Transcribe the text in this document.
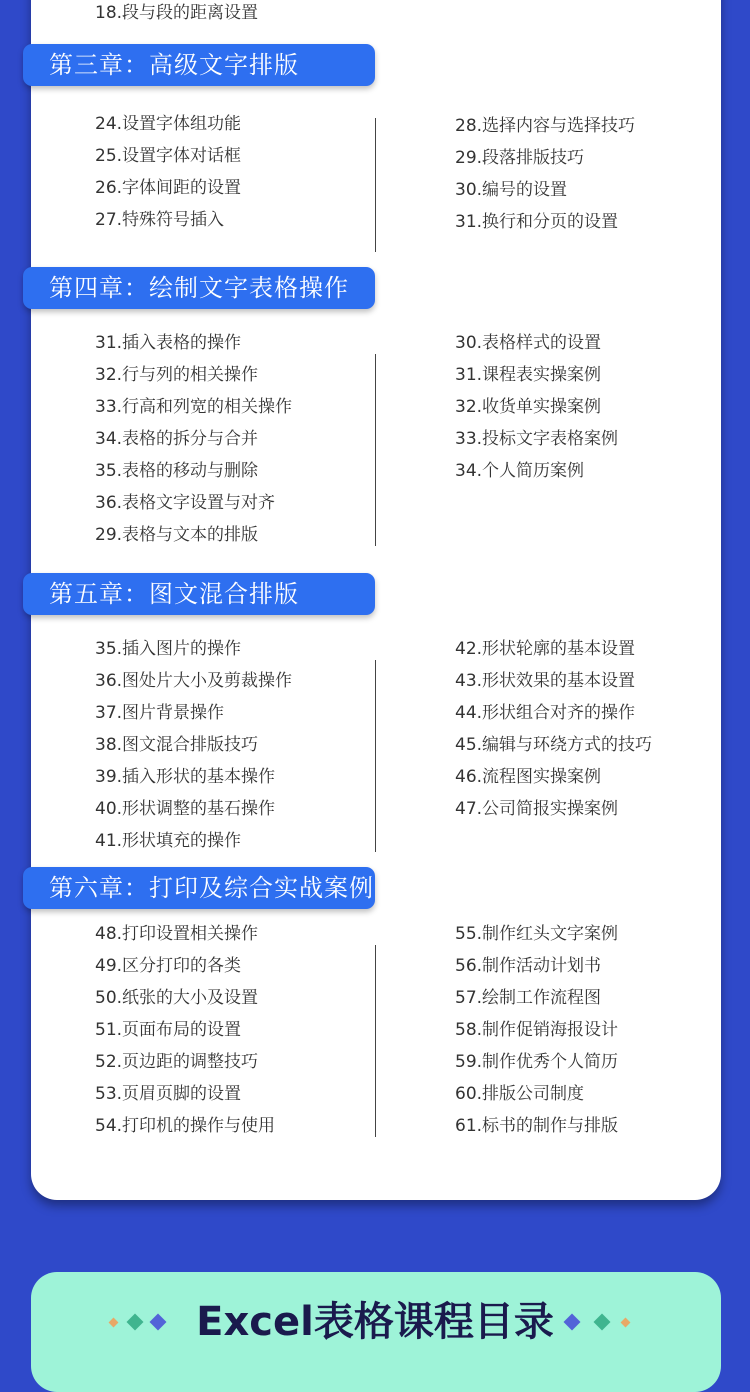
18.段与段的距离设置
第三章：高级文字排版
24.设置字体组功能
25.设置字体对话框
26.字体间距的设置
27.特殊符号插入
28.选择内容与选择技巧
29.段落排版技巧
30.编号的设置
31.换行和分页的设置
第四章：绘制文字表格操作
31.插入表格的操作
32.行与列的相关操作
33.行高和列宽的相关操作
34.表格的拆分与合并
35.表格的移动与删除
36.表格文字设置与对齐
29.表格与文本的排版
30.表格样式的设置
31.课程表实操案例
32.收货单实操案例
33.投标文字表格案例
34.个人简历案例
第五章：图文混合排版
35.插入图片的操作
36.图处片大小及剪裁操作
37.图片背景操作
38.图文混合排版技巧
39.插入形状的基本操作
40.形状调整的基石操作
41.形状填充的操作
42.形状轮廓的基本设置
43.形状效果的基本设置
44.形状组合对齐的操作
45.编辑与环绕方式的技巧
46.流程图实操案例
47.公司简报实操案例
第六章：打印及综合实战案例
48.打印设置相关操作
49.区分打印的各类
50.纸张的大小及设置
51.页面布局的设置
52.页边距的调整技巧
53.页眉页脚的设置
54.打印机的操作与使用
55.制作红头文字案例
56.制作活动计划书
57.绘制工作流程图
58.制作促销海报设计
59.制作优秀个人简历
60.排版公司制度
61.标书的制作与排版
Excel表格课程目录
